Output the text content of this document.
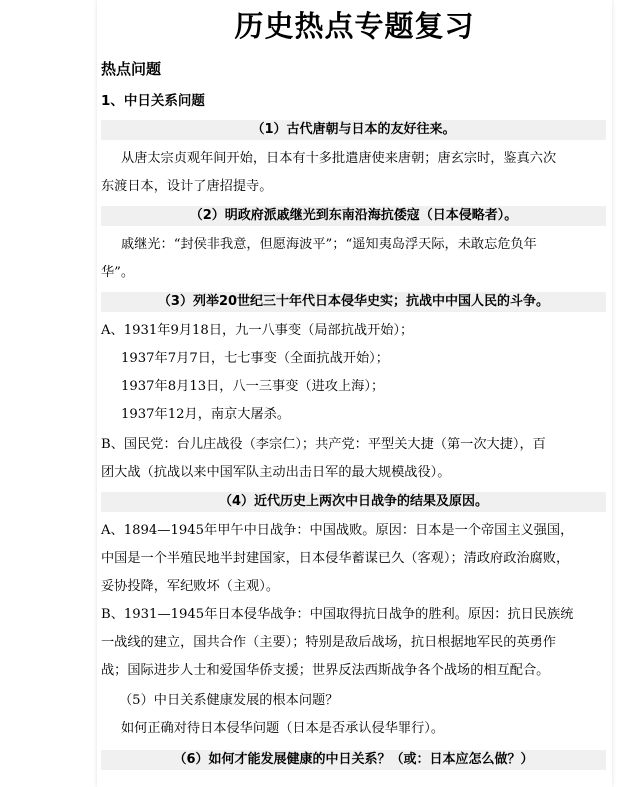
历史热点专题复习
热点问题
1、中日关系问题
（1）古代唐朝与日本的友好往来。
从唐太宗贞观年间开始，日本有十多批遣唐使来唐朝；唐玄宗时，鉴真六次
东渡日本，设计了唐招提寺。
（2）明政府派戚继光到东南沿海抗倭寇（日本侵略者）。
戚继光：“封侯非我意，但愿海波平”；“遥知夷岛浮天际，未敢忘危负年
华”。
（3）列举20世纪三十年代日本侵华史实；抗战中中国人民的斗争。
A、1931年9月18日，九一八事变（局部抗战开始）；
1937年7月7日，七七事变（全面抗战开始）；
1937年8月13日，八一三事变（进攻上海）；
1937年12月，南京大屠杀。
B、国民党：台儿庄战役（李宗仁）；共产党：平型关大捷（第一次大捷），百
团大战（抗战以来中国军队主动出击日军的最大规模战役）。
（4）近代历史上两次中日战争的结果及原因。
A、1894—1945年甲午中日战争：中国战败。原因：日本是一个帝国主义强国，
中国是一个半殖民地半封建国家，日本侵华蓄谋已久（客观）；清政府政治腐败，
妥协投降，军纪败坏（主观）。
B、1931—1945年日本侵华战争：中国取得抗日战争的胜利。原因：抗日民族统
一战线的建立，国共合作（主要）；特别是敌后战场，抗日根据地军民的英勇作
战；国际进步人士和爱国华侨支援；世界反法西斯战争各个战场的相互配合。
（5）中日关系健康发展的根本问题？
如何正确对待日本侵华问题（日本是否承认侵华罪行）。
（6）如何才能发展健康的中日关系？（或：日本应怎么做？）
